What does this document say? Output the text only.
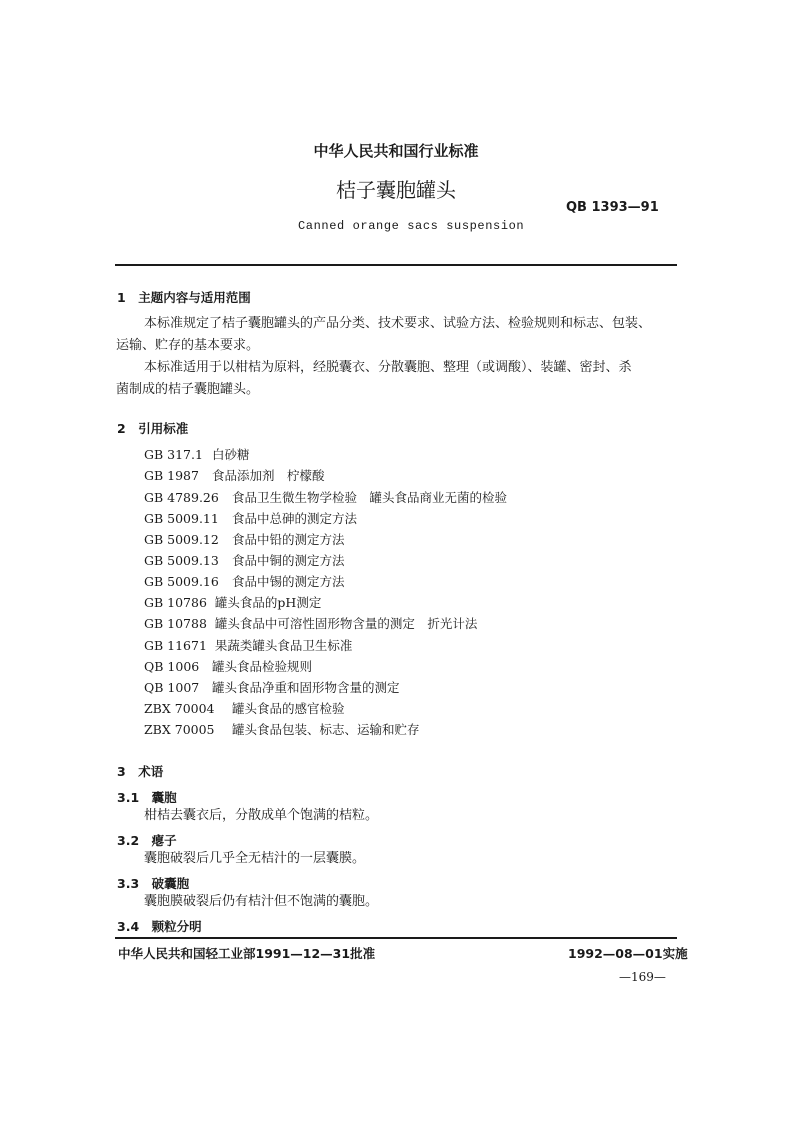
中华人民共和国行业标准
桔子囊胞罐头
QB 1393—91
Canned orange sacs suspension
1　主题内容与适用范围
本标准规定了桔子囊胞罐头的产品分类、技术要求、试验方法、检验规则和标志、包装、
运输、贮存的基本要求。
本标准适用于以柑桔为原料，经脱囊衣、分散囊胞、整理（或调酸）、装罐、密封、杀
菌制成的桔子囊胞罐头。
2　引用标准
GB 317.1 白砂糖
GB 1987 食品添加剂　柠檬酸
GB 4789.26 食品卫生微生物学检验　罐头食品商业无菌的检验
GB 5009.11 食品中总砷的测定方法
GB 5009.12 食品中铅的测定方法
GB 5009.13 食品中铜的测定方法
GB 5009.16 食品中锡的测定方法
GB 10786 罐头食品的pH测定
GB 10788 罐头食品中可溶性固形物含量的测定　折光计法
GB 11671 果蔬类罐头食品卫生标准
QB 1006 罐头食品检验规则
QB 1007 罐头食品净重和固形物含量的测定
ZBX 70004 罐头食品的感官检验
ZBX 70005 罐头食品包装、标志、运输和贮存
3　术语
3.1　囊胞
柑桔去囊衣后，分散成单个饱满的桔粒。
3.2　瘪子
囊胞破裂后几乎全无桔汁的一层囊膜。
3.3　破囊胞
囊胞膜破裂后仍有桔汁但不饱满的囊胞。
3.4　颗粒分明
中华人民共和国轻工业部1991—12—31批准	1992—08—01实施
—169—
